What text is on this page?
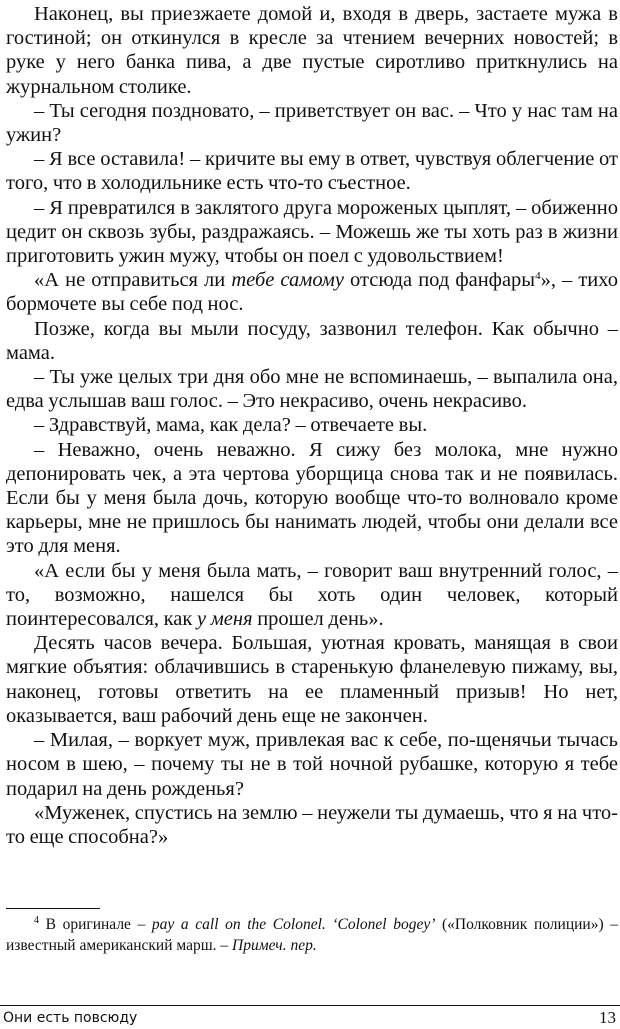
Наконец, вы приезжаете домой и, входя в дверь, застаете мужа в гостиной; он откинулся в кресле за чтением вечерних новостей; в руке у него банка пива, а две пустые сиротливо приткнулись на журнальном столике.

– Ты сегодня поздновато, – приветствует он вас. – Что у нас там на ужин?

– Я все оставила! – кричите вы ему в ответ, чувствуя облегчение от того, что в холодильнике есть что-то съестное.

– Я превратился в заклятого друга мороженых цыплят, – обиженно цедит он сквозь зубы, раздражаясь. – Можешь же ты хоть раз в жизни приготовить ужин мужу, чтобы он поел с удовольствием!

«А не отправиться ли тебе самому отсюда под фанфары$^4$», – тихо бормочете вы себе под нос.

Позже, когда вы мыли посуду, зазвонил телефон. Как обычно – мама.

– Ты уже целых три дня обо мне не вспоминаешь, – выпалила она, едва услышав ваш голос. – Это некрасиво, очень некрасиво.

– Здравствуй, мама, как дела? – отвечаете вы.

– Неважно, очень неважно. Я сижу без молока, мне нужно депонировать чек, а эта чертова уборщица снова так и не появилась. Если бы у меня была дочь, которую вообще что-то волновало кроме карьеры, мне не пришлось бы нанимать людей, чтобы они делали все это для меня.

«А если бы у меня была мать, – говорит ваш внутренний голос, – то, возможно, нашелся бы хоть один человек, который поинтересовался, как у меня прошел день».

Десять часов вечера. Большая, уютная кровать, манящая в свои мягкие объятия: облачившись в старенькую фланелевую пижаму, вы, наконец, готовы ответить на ее пламенный призыв! Но нет, оказывается, ваш рабочий день еще не закончен.

– Милая, – воркует муж, привлекая вас к себе, по-щенячьи тычась носом в шею, – почему ты не в той ночной рубашке, которую я тебе подарил на день рожденья?

«Муженек, спустись на землю – неужели ты думаешь, что я на что-то еще способна?»

$^4$ В оригинале – pay a call on the Colonel. ‘Colonel bogey’ («Полковник полиции») – известный американский марш. – Примеч. пер.

Они есть повсюду	13
